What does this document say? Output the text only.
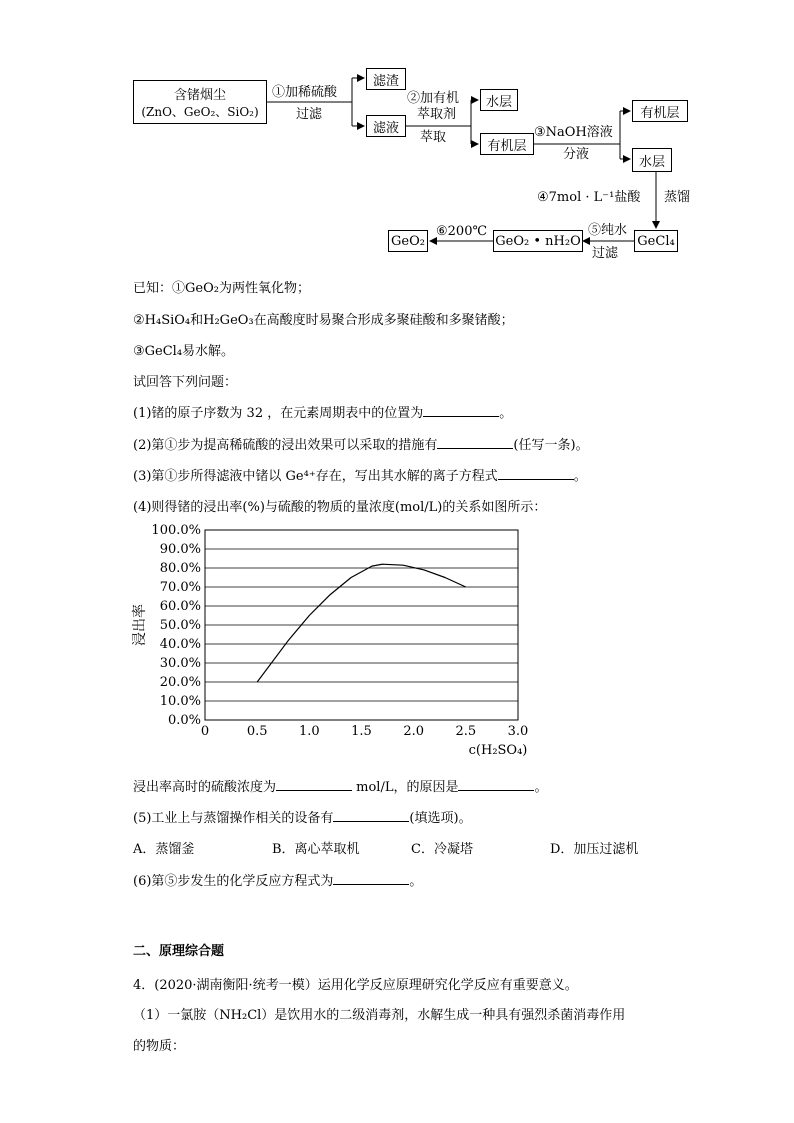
含锗烟尘
(ZnO、GeO₂、SiO₂)
①加稀硫酸
过滤
滤渣
滤液
②加有机
萃取剂
萃取
水层
有机层
③NaOH溶液
分液
有机层
水层
④7mol · L⁻¹盐酸 蒸馏
GeCl₄
⑤纯水
过滤
GeO₂ • nH₂O
⑥200℃
GeO₂
已知：①GeO₂为两性氧化物；
②H₄SiO₄和H₂GeO₃在高酸度时易聚合形成多聚硅酸和多聚锗酸；
③GeCl₄易水解。
试回答下列问题：
(1)锗的原子序数为 32 ，在元素周期表中的位置为	。
(2)第①步为提高稀硫酸的浸出效果可以采取的措施有	(任写一条)。
(3)第①步所得滤液中锗以 Ge⁴⁺存在，写出其水解的离子方程式	。
(4)则得锗的浸出率(%)与硫酸的物质的量浓度(mol/L)的关系如图所示：
0.0%
10.0%
20.0%
30.0%
40.0%
50.0%
60.0%
70.0%
80.0%
90.0%
100.0%
0	0.5 1.0 1.5 2.0 2.5 3.0
浸出率
c(H₂SO₄)
浸出率高时的硫酸浓度为	mol/L，的原因是	。
(5)工业上与蒸馏操作相关的设备有	(填选项)。
A．蒸馏釜	B．离心萃取机	C．冷凝塔	D．加压过滤机
(6)第⑤步发生的化学反应方程式为	。
二、原理综合题
4．(2020·湖南衡阳·统考一模）运用化学反应原理研究化学反应有重要意义。
（1）一氯胺（NH₂Cl）是饮用水的二级消毒剂，水解生成一种具有强烈杀菌消毒作用
的物质：
